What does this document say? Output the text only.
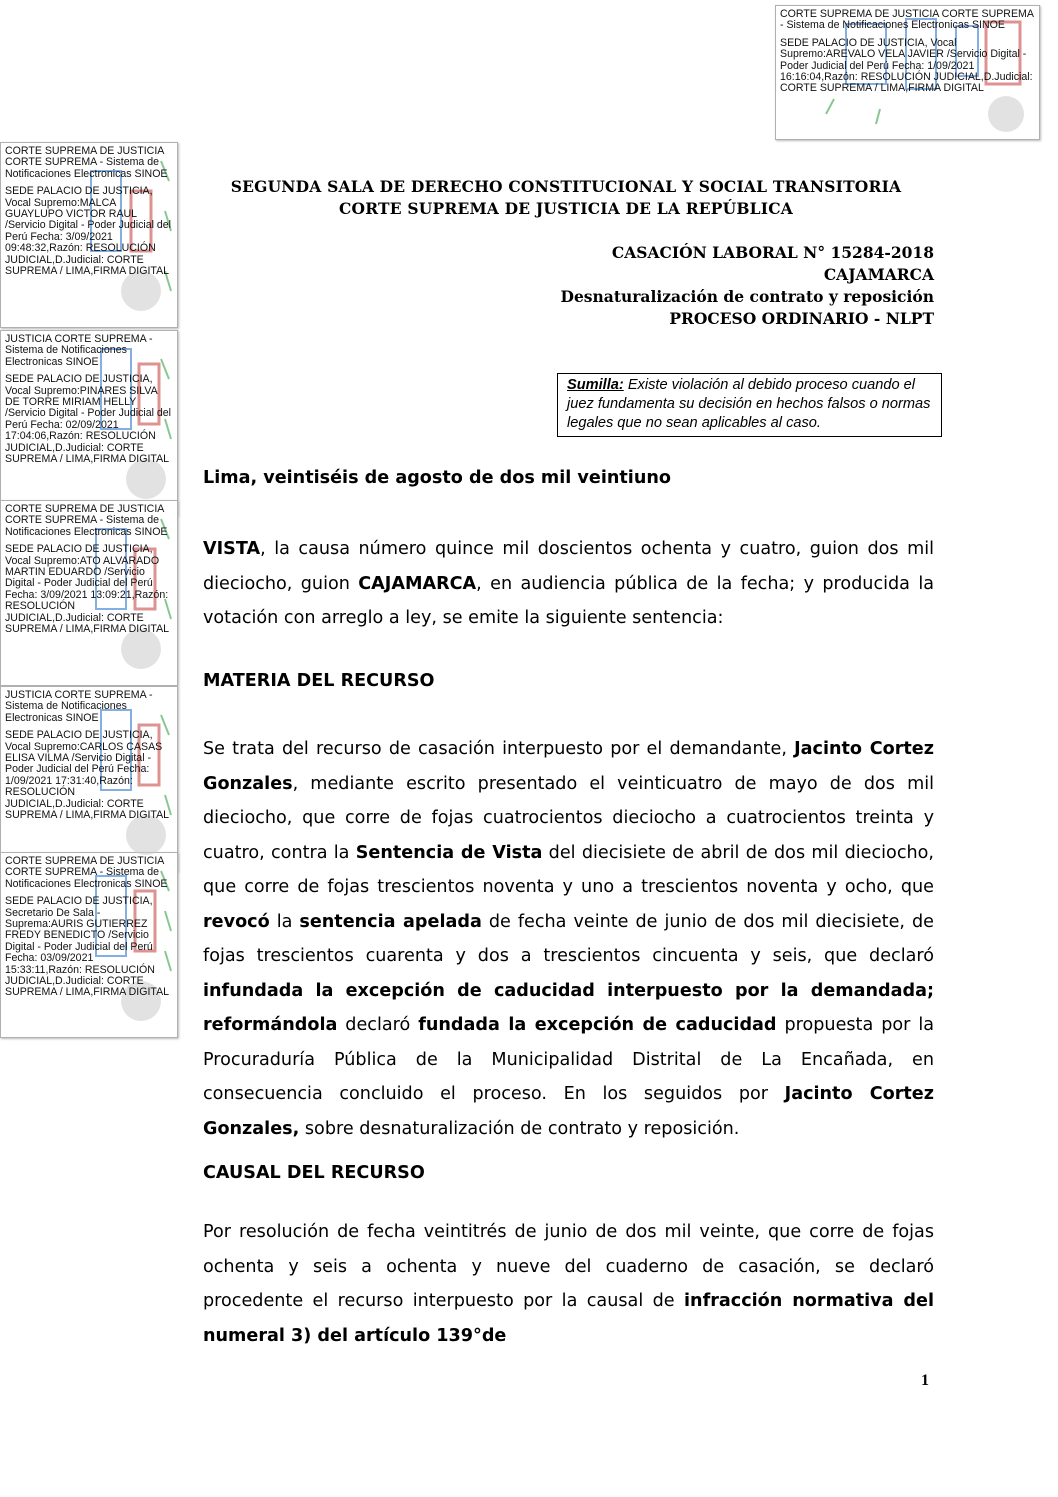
CORTE SUPREMA DE JUSTICIA CORTE SUPREMA - Sistema de Notificaciones Electronicas SINOE
SEDE PALACIO DE JUSTICIA, Vocal Supremo:AREVALO VELA JAVIER /Servicio Digital - Poder Judicial del Perú Fecha: 1/09/2021 16:16:04,Razón: RESOLUCIÓN JUDICIAL,D.Judicial: CORTE SUPREMA / LIMA,FIRMA DIGITAL
CORTE SUPREMA DE JUSTICIA CORTE SUPREMA - Sistema de Notificaciones Electronicas SINOE
SEDE PALACIO DE JUSTICIA, Vocal Supremo:MALCA GUAYLUPO VICTOR RAUL /Servicio Digital - Poder Judicial del Perú Fecha: 3/09/2021 09:48:32,Razón: RESOLUCIÓN JUDICIAL,D.Judicial: CORTE SUPREMA / LIMA,FIRMA DIGITAL
JUSTICIA CORTE SUPREMA - Sistema de Notificaciones Electronicas SINOE
SEDE PALACIO DE JUSTICIA, Vocal Supremo:PINARES SILVA DE TORRE MIRIAM HELLY /Servicio Digital - Poder Judicial del Perú Fecha: 02/09/2021 17:04:06,Razón: RESOLUCIÓN JUDICIAL,D.Judicial: CORTE SUPREMA / LIMA,FIRMA DIGITAL
CORTE SUPREMA DE JUSTICIA CORTE SUPREMA - Sistema de Notificaciones Electronicas SINOE
SEDE PALACIO DE JUSTICIA, Vocal Supremo:ATO ALVARADO MARTIN EDUARDO /Servicio Digital - Poder Judicial del Perú Fecha: 3/09/2021 13:09:21,Razón: RESOLUCIÓN JUDICIAL,D.Judicial: CORTE SUPREMA / LIMA,FIRMA DIGITAL
JUSTICIA CORTE SUPREMA - Sistema de Notificaciones Electronicas SINOE
SEDE PALACIO DE JUSTICIA, Vocal Supremo:CARLOS CASAS ELISA VILMA /Servicio Digital - Poder Judicial del Perú Fecha: 1/09/2021 17:31:40,Razón: RESOLUCIÓN JUDICIAL,D.Judicial: CORTE SUPREMA / LIMA,FIRMA DIGITAL
CORTE SUPREMA DE JUSTICIA CORTE SUPREMA - Sistema de Notificaciones Electronicas SINOE
SEDE PALACIO DE JUSTICIA, Secretario De Sala - Suprema:AURIS GUTIERREZ FREDY BENEDICTO /Servicio Digital - Poder Judicial del Perú Fecha: 03/09/2021 15:33:11,Razón: RESOLUCIÓN JUDICIAL,D.Judicial: CORTE SUPREMA / LIMA,FIRMA DIGITAL
SEGUNDA SALA DE DERECHO CONSTITUCIONAL Y SOCIAL TRANSITORIA
CORTE SUPREMA DE JUSTICIA DE LA REPÚBLICA
CASACIÓN LABORAL N° 15284-2018
CAJAMARCA
Desnaturalización de contrato y reposición
PROCESO ORDINARIO - NLPT
Sumilla: Existe violación al debido proceso cuando el juez fundamenta su decisión en hechos falsos o normas legales que no sean aplicables al caso.
Lima, veintiséis de agosto de dos mil veintiuno
VISTA, la causa número quince mil doscientos ochenta y cuatro, guion dos mil dieciocho, guion CAJAMARCA, en audiencia pública de la fecha; y producida la votación con arreglo a ley, se emite la siguiente sentencia:
MATERIA DEL RECURSO
Se trata del recurso de casación interpuesto por el demandante, Jacinto Cortez Gonzales, mediante escrito presentado el veinticuatro de mayo de dos mil dieciocho, que corre de fojas cuatrocientos dieciocho a cuatrocientos treinta y cuatro, contra la Sentencia de Vista del diecisiete de abril de dos mil dieciocho, que corre de fojas trescientos noventa y uno a trescientos noventa y ocho, que revocó la sentencia apelada de fecha veinte de junio de dos mil diecisiete, de fojas trescientos cuarenta y dos a trescientos cincuenta y seis, que declaró infundada la excepción de caducidad interpuesto por la demandada; reformándola declaró fundada la excepción de caducidad propuesta por la Procuraduría Pública de la Municipalidad Distrital de La Encañada, en consecuencia concluido el proceso. En los seguidos por Jacinto Cortez Gonzales, sobre desnaturalización de contrato y reposición.
CAUSAL DEL RECURSO
Por resolución de fecha veintitrés de junio de dos mil veinte, que corre de fojas ochenta y seis a ochenta y nueve del cuaderno de casación, se declaró procedente el recurso interpuesto por la causal de infracción normativa del numeral 3) del artículo 139°de
1
